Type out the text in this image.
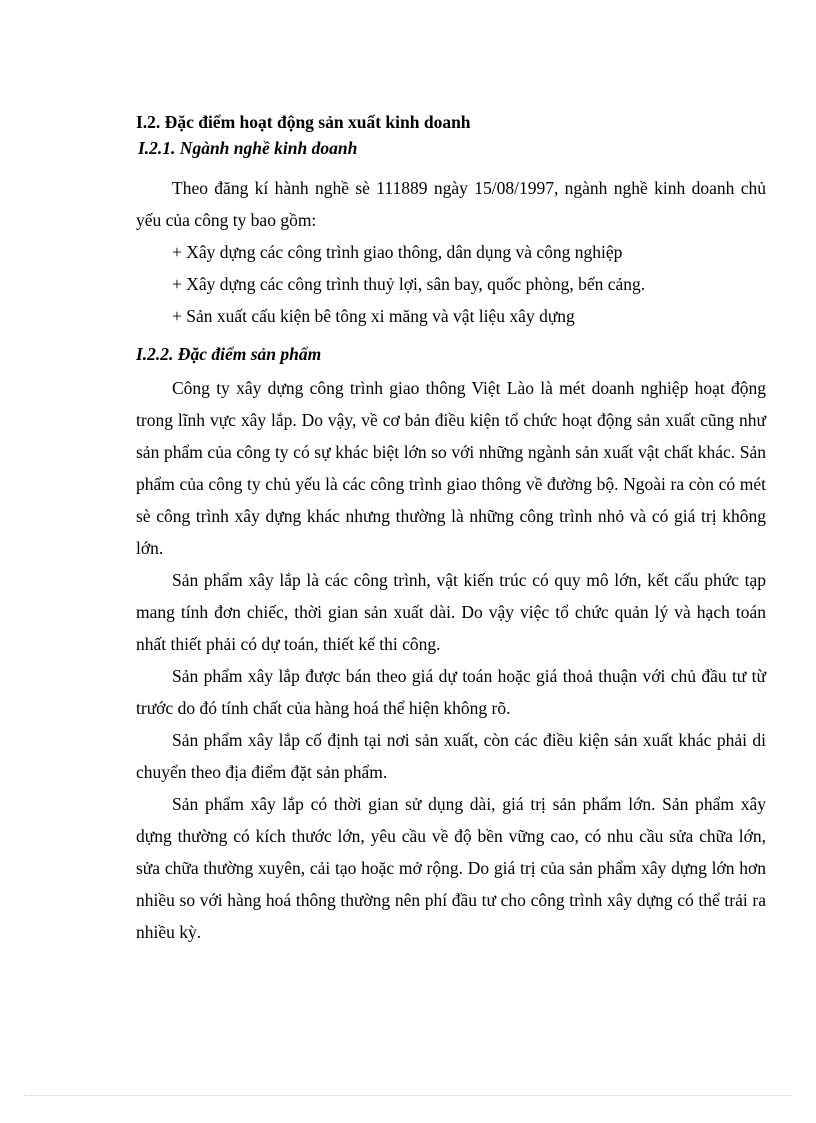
I.2. Đặc điểm hoạt động sản xuất kinh doanh

I.2.1. Ngành nghề kinh doanh

Theo đăng kí hành nghề sè 111889 ngày 15/08/1997, ngành nghề kinh doanh chủ yếu của công ty bao gồm:

+ Xây dựng các công trình giao thông, dân dụng và công nghiệp
+ Xây dựng các công trình thuỷ lợi, sân bay, quốc phòng, bến cảng.
+ Sản xuất cấu kiện bê tông xi măng và vật liệu xây dựng

I.2.2. Đặc điểm sản phẩm

Công ty xây dựng công trình giao thông Việt Lào là mét doanh nghiệp hoạt động trong lĩnh vực xây lắp. Do vậy, về cơ bản điều kiện tổ chức hoạt động sản xuất cũng như sản phẩm của công ty có sự khác biệt lớn so với những ngành sản xuất vật chất khác. Sản phẩm của công ty chủ yếu là các công trình giao thông về đường bộ. Ngoài ra còn có mét sè công trình xây dựng khác nhưng thường là những công trình nhỏ và có giá trị không lớn.

Sản phẩm xây lắp là các công trình, vật kiến trúc có quy mô lớn, kết cấu phức tạp mang tính đơn chiếc, thời gian sản xuất dài. Do vậy việc tổ chức quản lý và hạch toán nhất thiết phải có dự toán, thiết kế thi công.

Sản phẩm xây lắp được bán theo giá dự toán hoặc giá thoả thuận với chủ đầu tư từ trước do đó tính chất của hàng hoá thể hiện không rõ.

Sản phẩm xây lắp cố định tại nơi sản xuất, còn các điều kiện sản xuất khác phải di chuyển theo địa điểm đặt sản phẩm.

Sản phẩm xây lắp có thời gian sử dụng dài, giá trị sản phẩm lớn. Sản phẩm xây dựng thường có kích thước lớn, yêu cầu về độ bền vững cao, có nhu cầu sửa chữa lớn, sửa chữa thường xuyên, cải tạo hoặc mở rộng. Do giá trị của sản phẩm xây dựng lớn hơn nhiều so với hàng hoá thông thường nên phí đầu tư cho công trình xây dựng có thể trải ra nhiều kỳ.
